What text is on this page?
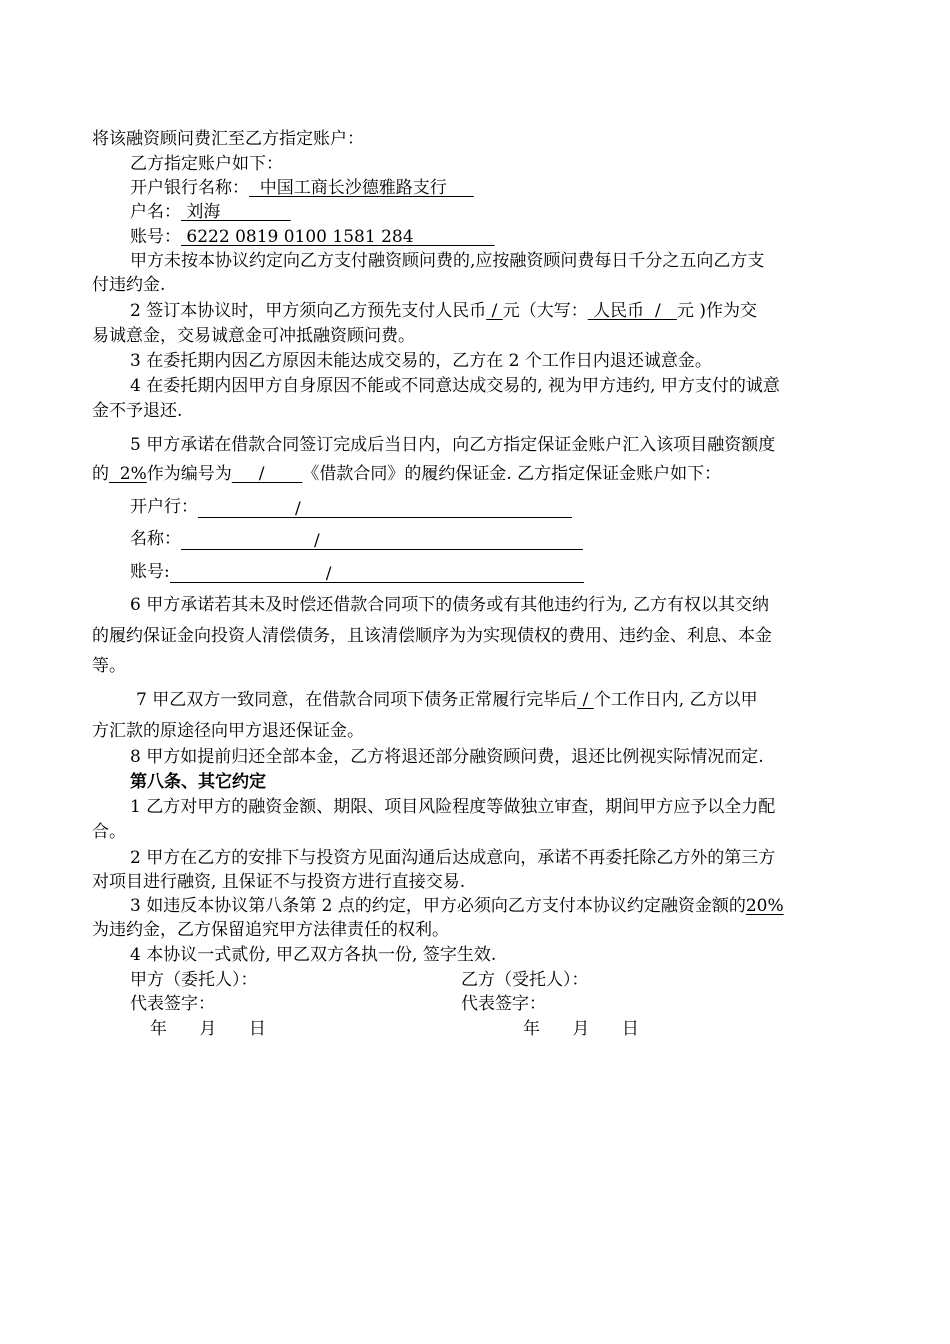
将该融资顾问费汇至乙方指定账户：
乙方指定账户如下：
开户银行名称：  中国工商长沙德雅路支行
户名： 刘海
账号： 6222 0819 0100 1581 284
甲方未按本协议约定向乙方支付融资顾问费的,应按融资顾问费每日千分之五向乙方支
付违约金.
2 签订本协议时，甲方须向乙方预先支付人民币 / 元（大写： 人民币  /   元 )作为交
易诚意金，交易诚意金可冲抵融资顾问费。
3 在委托期内因乙方原因未能达成交易的，乙方在 2 个工作日内退还诚意金。
4 在委托期内因甲方自身原因不能或不同意达成交易的, 视为甲方违约, 甲方支付的诚意
金不予退还.
5 甲方承诺在借款合同签订完成后当日内，向乙方指定保证金账户汇入该项目融资额度
的  2%作为编号为     /       《借款合同》的履约保证金. 乙方指定保证金账户如下：
开户行：	/
名称：	/
账号:	/
6 甲方承诺若其未及时偿还借款合同项下的债务或有其他违约行为, 乙方有权以其交纳
的履约保证金向投资人清偿债务，且该清偿顺序为为实现债权的费用、违约金、利息、本金
等。
7 甲乙双方一致同意，在借款合同项下债务正常履行完毕后 / 个工作日内, 乙方以甲
方汇款的原途径向甲方退还保证金。
8 甲方如提前归还全部本金，乙方将退还部分融资顾问费，退还比例视实际情况而定.
第八条、其它约定
1 乙方对甲方的融资金额、期限、项目风险程度等做独立审查，期间甲方应予以全力配
合。
2 甲方在乙方的安排下与投资方见面沟通后达成意向，承诺不再委托除乙方外的第三方
对项目进行融资, 且保证不与投资方进行直接交易.
3 如违反本协议第八条第 2 点的约定，甲方必须向乙方支付本协议约定融资金额的20%
为违约金，乙方保留追究甲方法律责任的权利。
4 本协议一式贰份, 甲乙双方各执一份, 签字生效.
甲方（委托人）：	乙方（受托人）：
代表签字：	代表签字：
年      月      日	年      月      日
